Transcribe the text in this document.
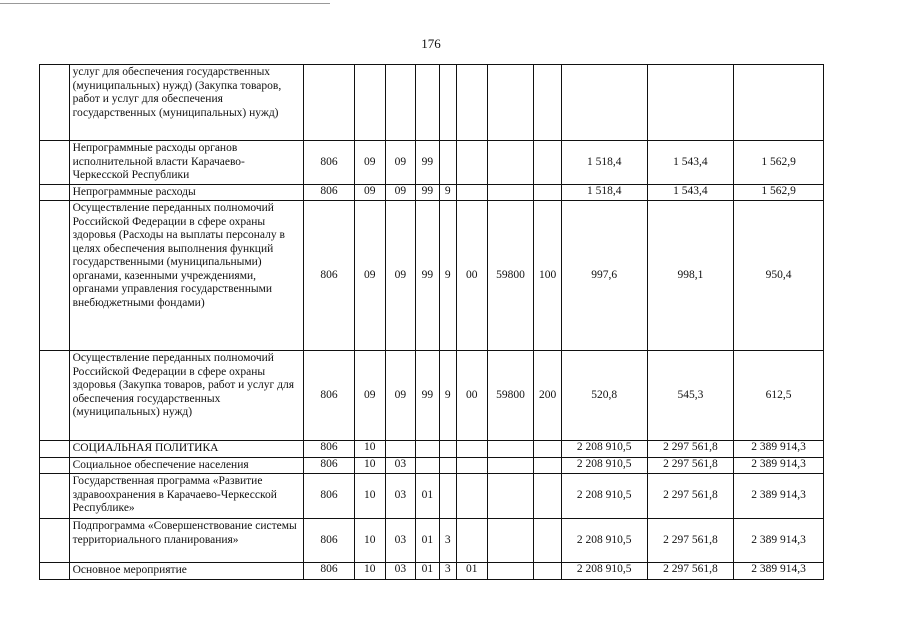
176
	услуг для обеспечения государственных (муниципальных) нужд) (Закупка товаров, работ и услуг для обеспечения государственных (муниципальных) нужд)											
	Непрограммные расходы органов исполнительной власти Карачаево-Черкесской Республики	806	09	09	99					1 518,4	1 543,4	1 562,9
	Непрограммные расходы	806	09	09	99	9				1 518,4	1 543,4	1 562,9
	Осуществление переданных полномочий Российской Федерации в сфере охраны здоровья (Расходы на выплаты персоналу в целях обеспечения выполнения функций государственными (муниципальными) органами, казенными учреждениями, органами управления государственными внебюджетными фондами)	806	09	09	99	9	00	59800	100	997,6	998,1	950,4
	Осуществление переданных полномочий Российской Федерации в сфере охраны здоровья (Закупка товаров, работ и услуг для обеспечения государственных (муниципальных) нужд)	806	09	09	99	9	00	59800	200	520,8	545,3	612,5
	СОЦИАЛЬНАЯ ПОЛИТИКА	806	10							2 208 910,5	2 297 561,8	2 389 914,3
	Социальное обеспечение населения	806	10	03						2 208 910,5	2 297 561,8	2 389 914,3
	Государственная программа «Развитие здравоохранения в Карачаево-Черкесской Республике»	806	10	03	01					2 208 910,5	2 297 561,8	2 389 914,3
	Подпрограмма «Совершенствование системы территориального планирования»	806	10	03	01	3				2 208 910,5	2 297 561,8	2 389 914,3
	Основное мероприятие	806	10	03	01	3	01			2 208 910,5	2 297 561,8	2 389 914,3
